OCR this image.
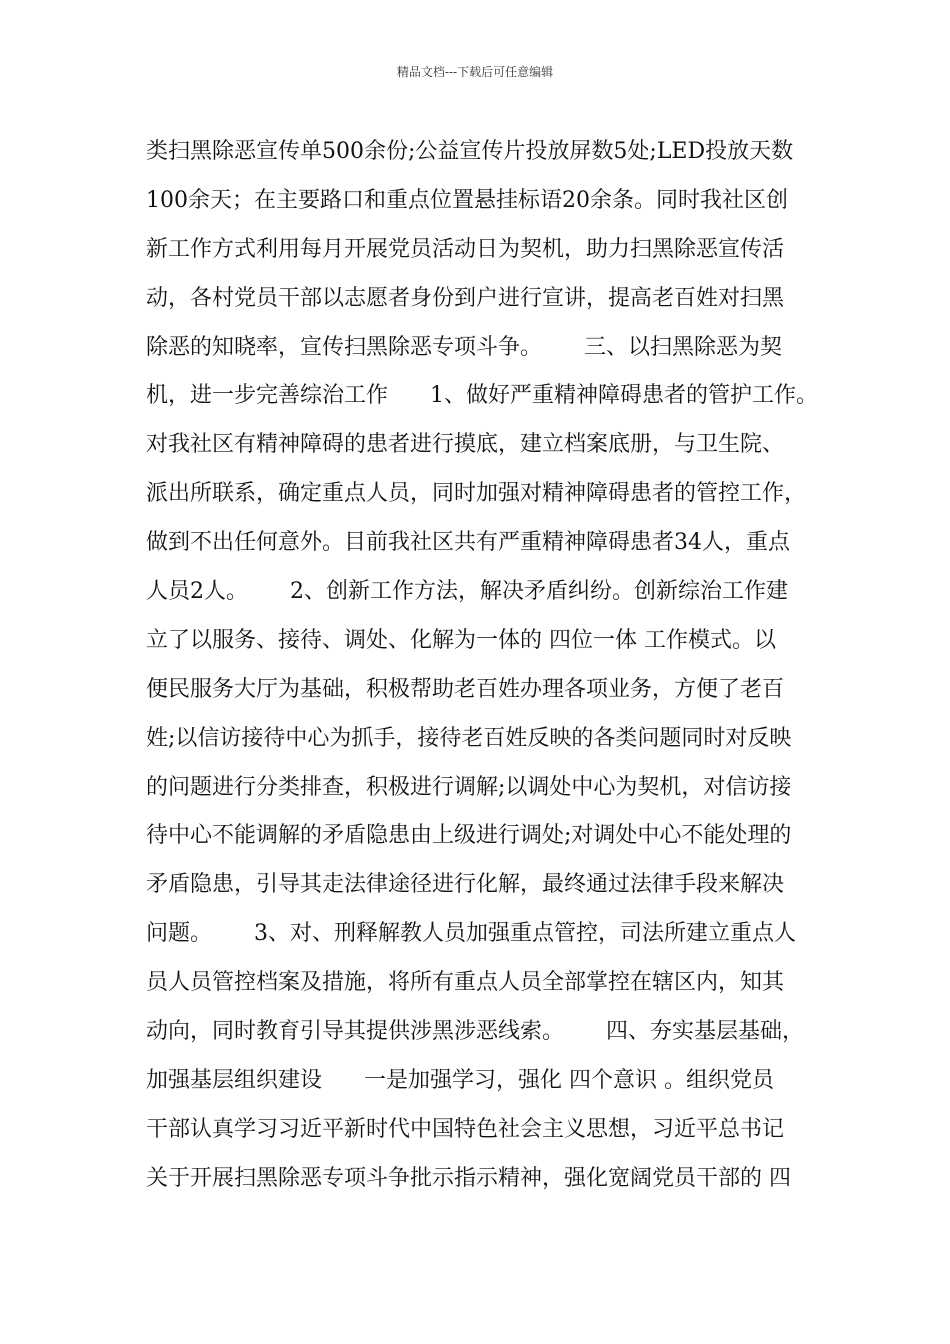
精品文档---下载后可任意编辑
类扫黑除恶宣传单500余份;公益宣传片投放屏数5处;LED投放天数
100余天；在主要路口和重点位置悬挂标语20余条。同时我社区创
新工作方式利用每月开展党员活动日为契机，助力扫黑除恶宣传活
动，各村党员干部以志愿者身份到户进行宣讲，提高老百姓对扫黑
除恶的知晓率，宣传扫黑除恶专项斗争。      三、以扫黑除恶为契
机，进一步完善综治工作      1、做好严重精神障碍患者的管护工作。
对我社区有精神障碍的患者进行摸底，建立档案底册，与卫生院、
派出所联系，确定重点人员，同时加强对精神障碍患者的管控工作，
做到不出任何意外。目前我社区共有严重精神障碍患者34人，重点
人员2人。      2、创新工作方法，解决矛盾纠纷。创新综治工作建
立了以服务、接待、调处、化解为一体的 四位一体 工作模式。以
便民服务大厅为基础，积极帮助老百姓办理各项业务，方便了老百
姓;以信访接待中心为抓手，接待老百姓反映的各类问题同时对反映
的问题进行分类排查，积极进行调解;以调处中心为契机，对信访接
待中心不能调解的矛盾隐患由上级进行调处;对调处中心不能处理的
矛盾隐患，引导其走法律途径进行化解，最终通过法律手段来解决
问题。      3、对、刑释解教人员加强重点管控，司法所建立重点人
员人员管控档案及措施，将所有重点人员全部掌控在辖区内，知其
动向，同时教育引导其提供涉黑涉恶线索。      四、夯实基层基础，
加强基层组织建设      一是加强学习，强化 四个意识 。组织党员
干部认真学习习近平新时代中国特色社会主义思想，习近平总书记
关于开展扫黑除恶专项斗争批示指示精神，强化宽阔党员干部的 四
